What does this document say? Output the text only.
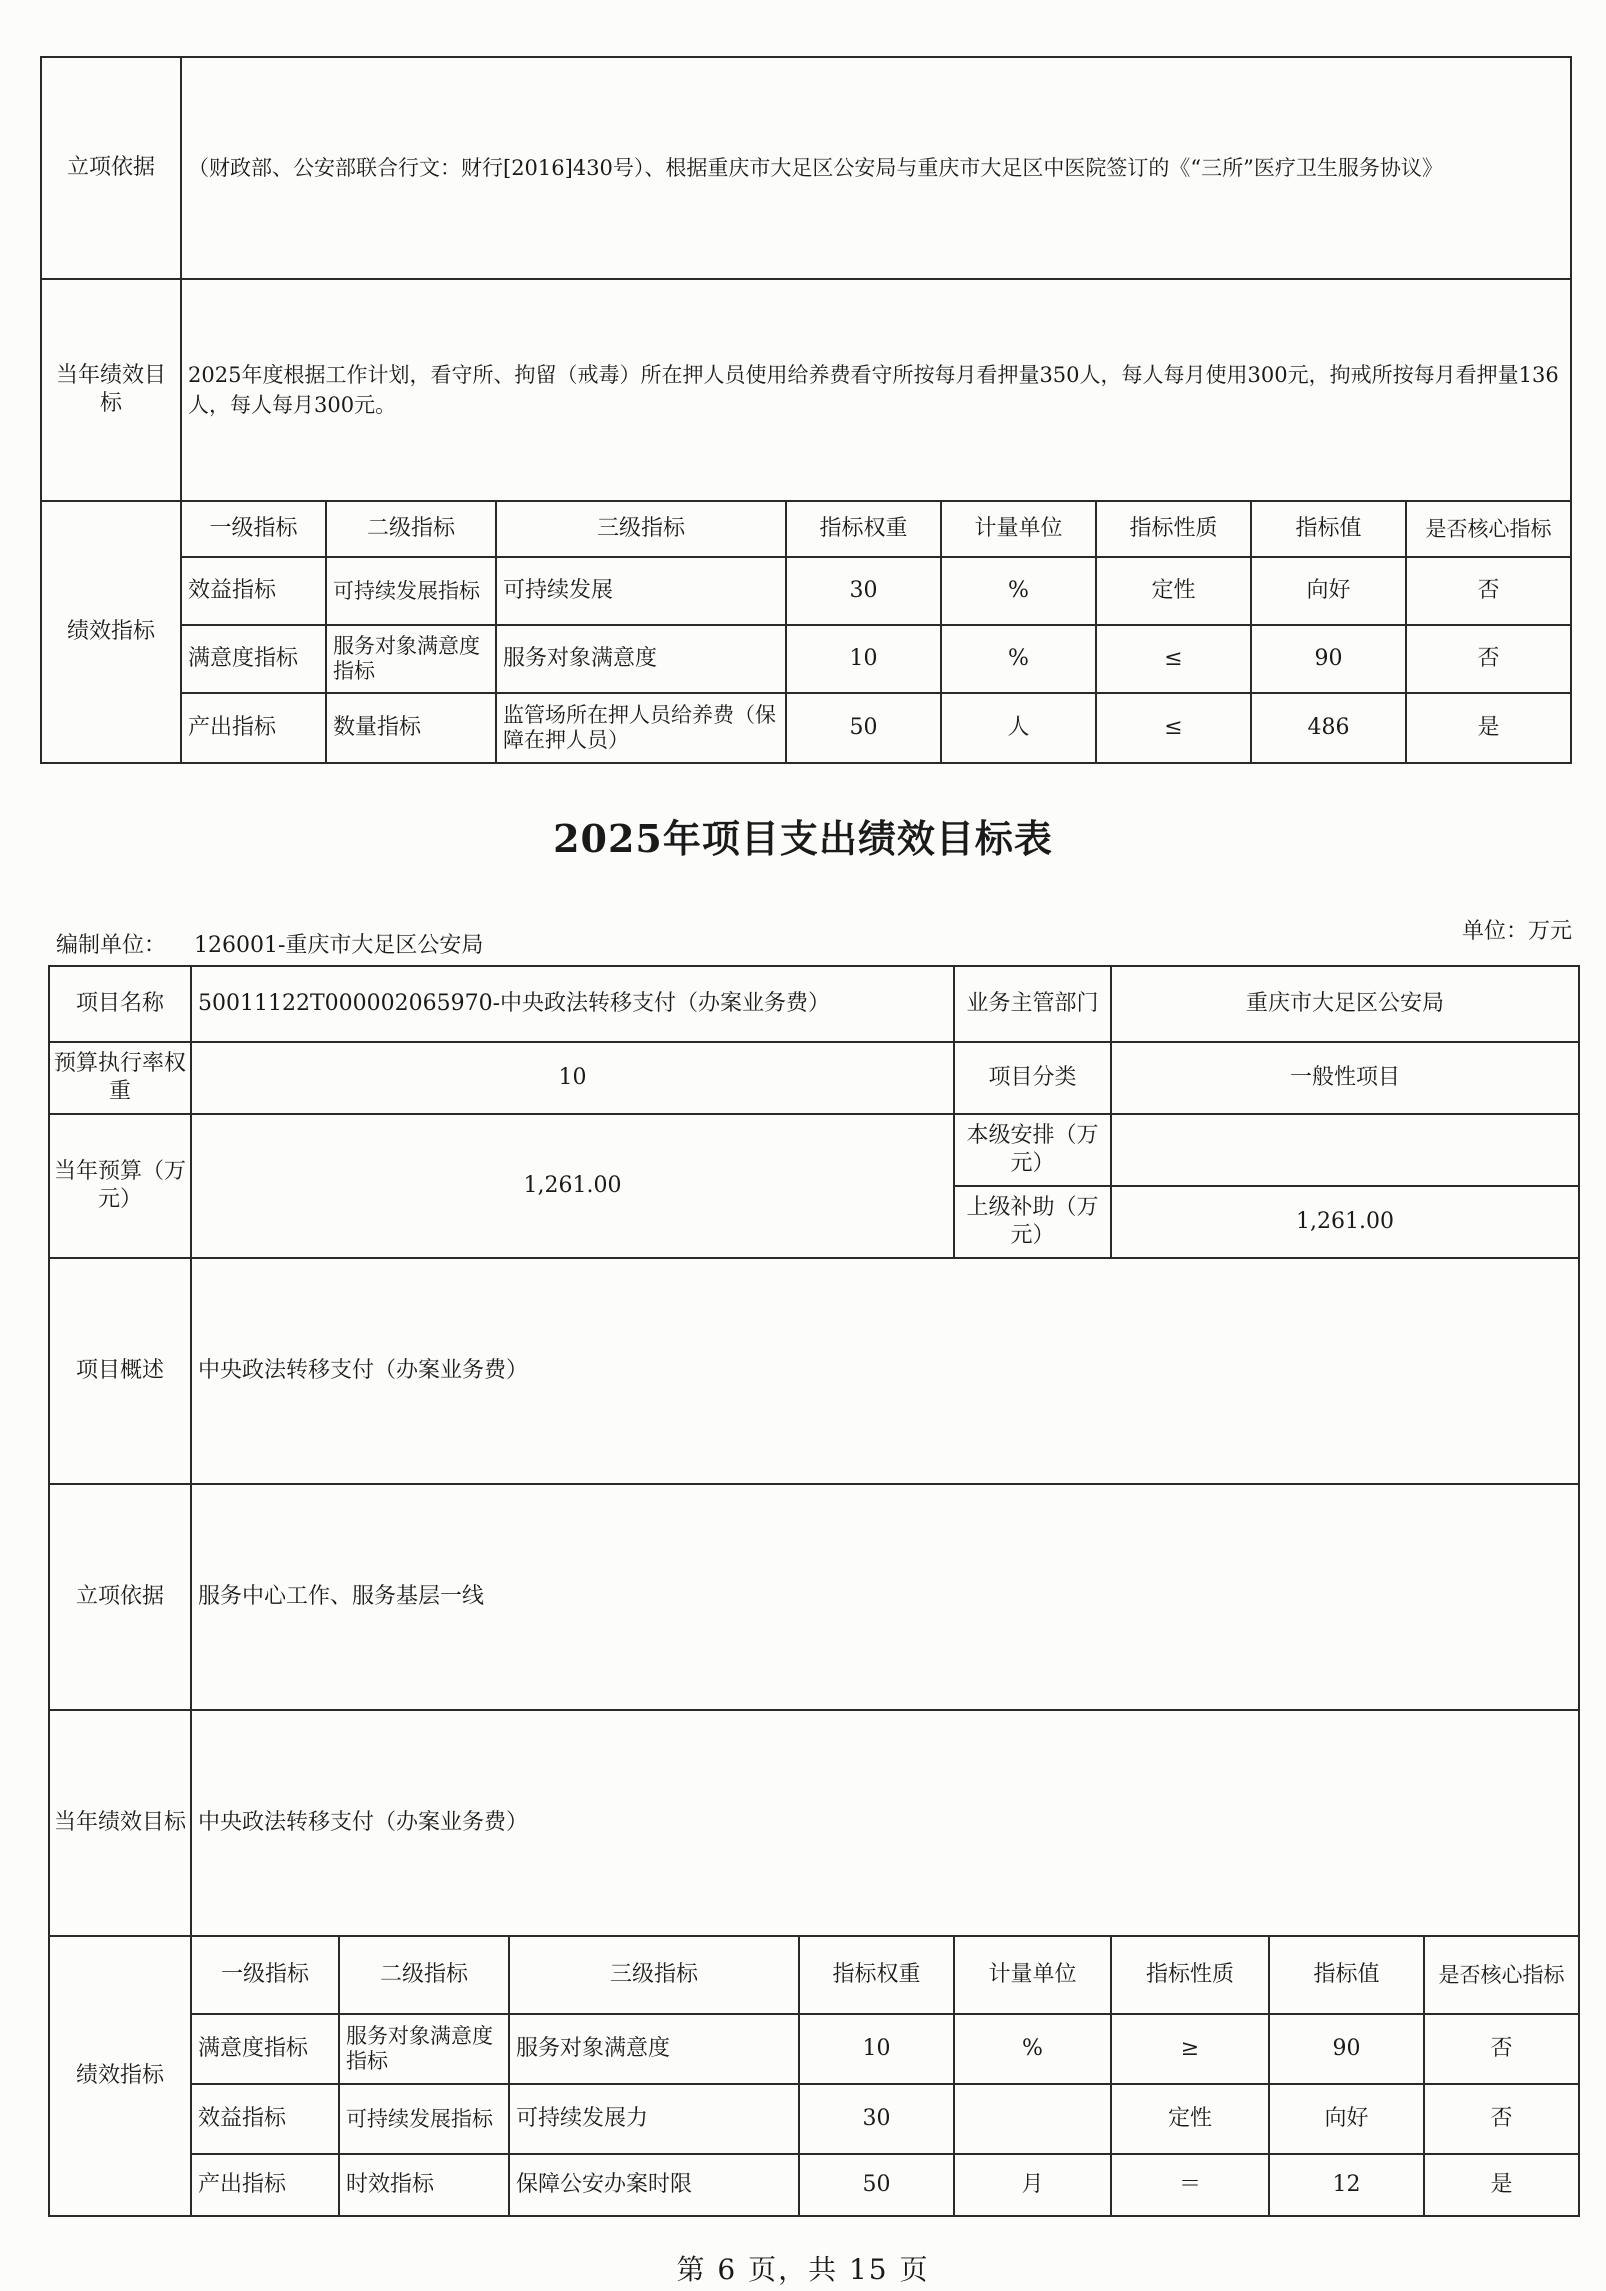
立项依据	（财政部、公安部联合行文：财行[2016]430号）、根据重庆市大足区公安局与重庆市大足区中医院签订的《“三所”医疗卫生服务协议》							
当年绩效目标	2025年度根据工作计划，看守所、拘留（戒毒）所在押人员使用给养费看守所按每月看押量350人，每人每月使用300元，拘戒所按每月看押量136人，每人每月300元。							
绩效指标	一级指标	二级指标	三级指标	指标权重	计量单位	指标性质	指标值	是否核心指标
	效益指标	可持续发展指标	可持续发展	30	%	定性	向好	否
	满意度指标	服务对象满意度指标	服务对象满意度	10	%	≤	90	否
	产出指标	数量指标	监管场所在押人员给养费（保障在押人员）	50	人	≤	486	是
2025年项目支出绩效目标表
编制单位： 126001-重庆市大足区公安局
单位：万元
项目名称	50011122T000002065970-中央政法转移支付（办案业务费）				业务主管部门	重庆市大足区公安局		
预算执行率权重	10				项目分类	一般性项目		
当年预算（万元）	1,261.00				本级安排（万元）			
					上级补助（万元）	1,261.00		
项目概述	中央政法转移支付（办案业务费）							
立项依据	服务中心工作、服务基层一线							
当年绩效目标	中央政法转移支付（办案业务费）							
绩效指标	一级指标	二级指标	三级指标	指标权重	计量单位	指标性质	指标值	是否核心指标
	满意度指标	服务对象满意度指标	服务对象满意度	10	%	≥	90	否
	效益指标	可持续发展指标	可持续发展力	30		定性	向好	否
	产出指标	时效指标	保障公安办案时限	50	月	＝	12	是
第 6 页，共 15 页
